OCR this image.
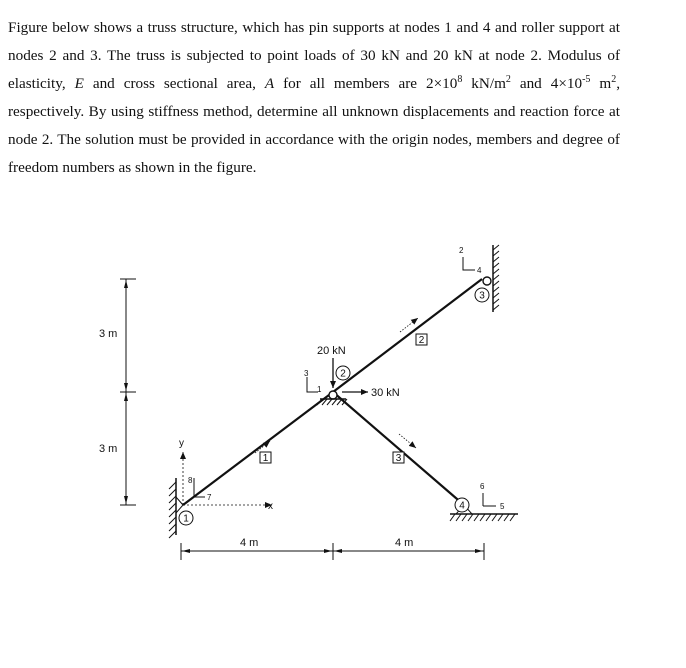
Figure below shows a truss structure, which has pin supports at nodes 1 and 4 and roller support at nodes 2 and 3. The truss is subjected to point loads of 30 kN and 20 kN at node 2. Modulus of elasticity, E and cross sectional area, A for all members are $2\times 10^8$ $kN/m^2$ and $4\times 10^{-5}$ $m^2$, respectively. By using stiffness method, determine all unknown displacements and reaction force at node 2. The solution must be provided in accordance with the origin nodes, members and degree of freedom numbers as shown in the figure.
1
2
3
y
x
8
7
1
20 kN
30 kN
2
3
1
3
2
4
4
6
5
3 m
3 m
4 m	4 m
